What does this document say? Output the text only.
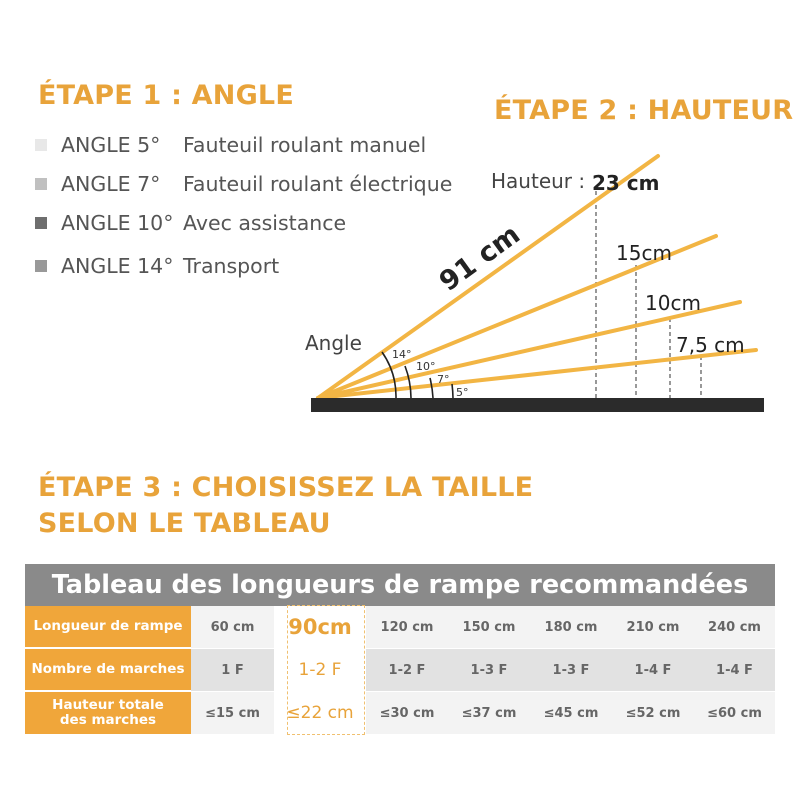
ÉTAPE 1 : ANGLE
ANGLE 5°	Fauteuil roulant manuel
ANGLE 7°	Fauteuil roulant électrique
ANGLE 10° Avec assistance
ANGLE 14° Transport
ÉTAPE 2 : HAUTEUR
Hauteur : 23 cm
15cm
10cm
7,5 cm
91 cm
Angle	14°
10°
7°
5°
ÉTAPE 3 : CHOISISSEZ LA TAILLE
SELON LE TABLEAU
Tableau des longueurs de rampe recommandées
Longueur de rampe	60 cm	90cm	120 cm	150 cm	180 cm	210 cm	240 cm
Nombre de marches	1 F	1-2 F	1-2 F	1-3 F	1-3 F	1-4 F	1-4 F
Hauteur totale des marches	≤15 cm	≤22 cm	≤30 cm	≤37 cm	≤45 cm	≤52 cm	≤60 cm
